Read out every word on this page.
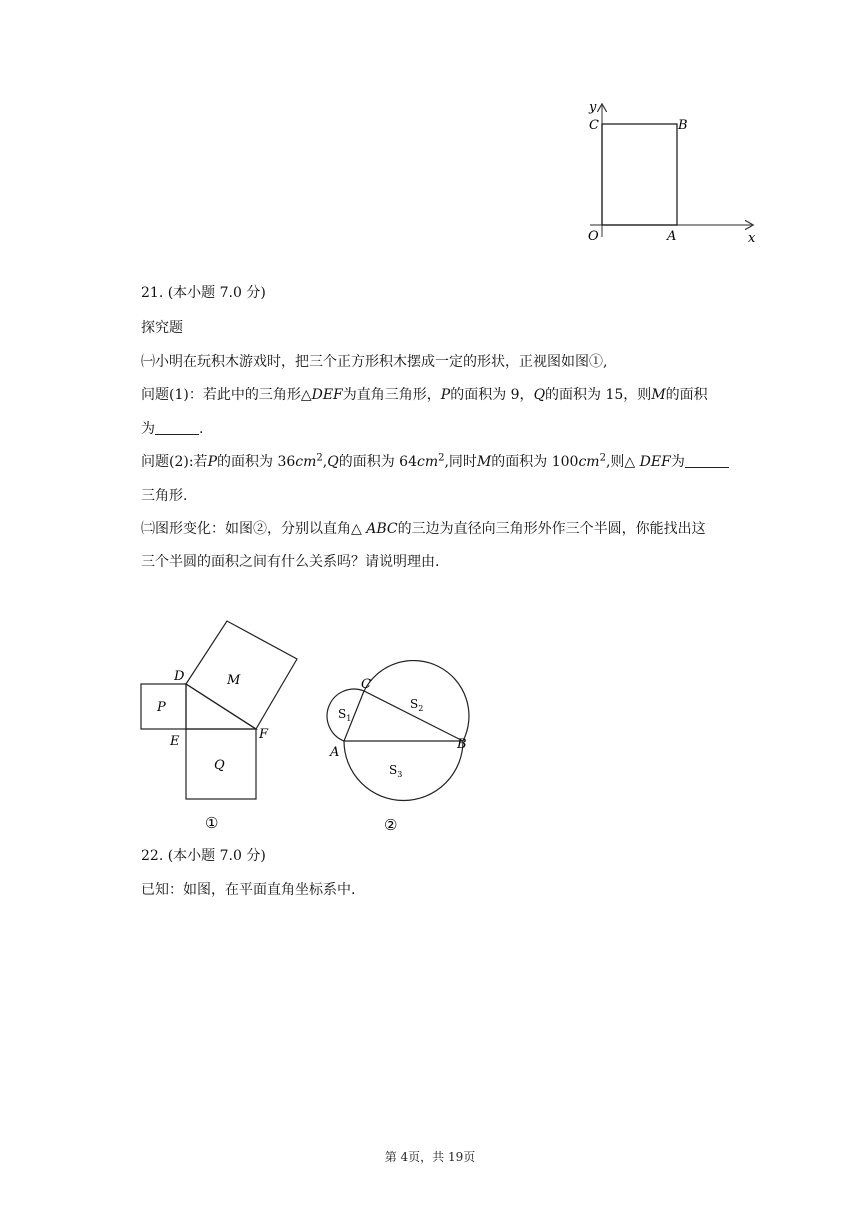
y
C	B
O	A	x
21. (本小题 7.0 分)
探究题
㈠小明在玩积木游戏时，把三个正方形积木摆成一定的形状，正视图如图①,
问题(1)：若此中的三角形△DEF为直角三角形，P的面积为 9，Q的面积为 15，则M的面积
为	.
问题(2):若P的面积为 $36cm^2,Q$的面积为 $64cm^2$,同时M的面积为 $100cm^2$,则△ DEF为
三角形.
㈡图形变化：如图②，分别以直角△ ABC的三边为直径向三角形外作三个半圆，你能找出这
三个半圆的面积之间有什么关系吗？请说明理由.
D	M
P
E	F
Q
①
C
$S_1$
$S_2$
A
B
$S_3$
②
22. (本小题 7.0 分)
已知：如图，在平面直角坐标系中.
第 4页，共 19页
